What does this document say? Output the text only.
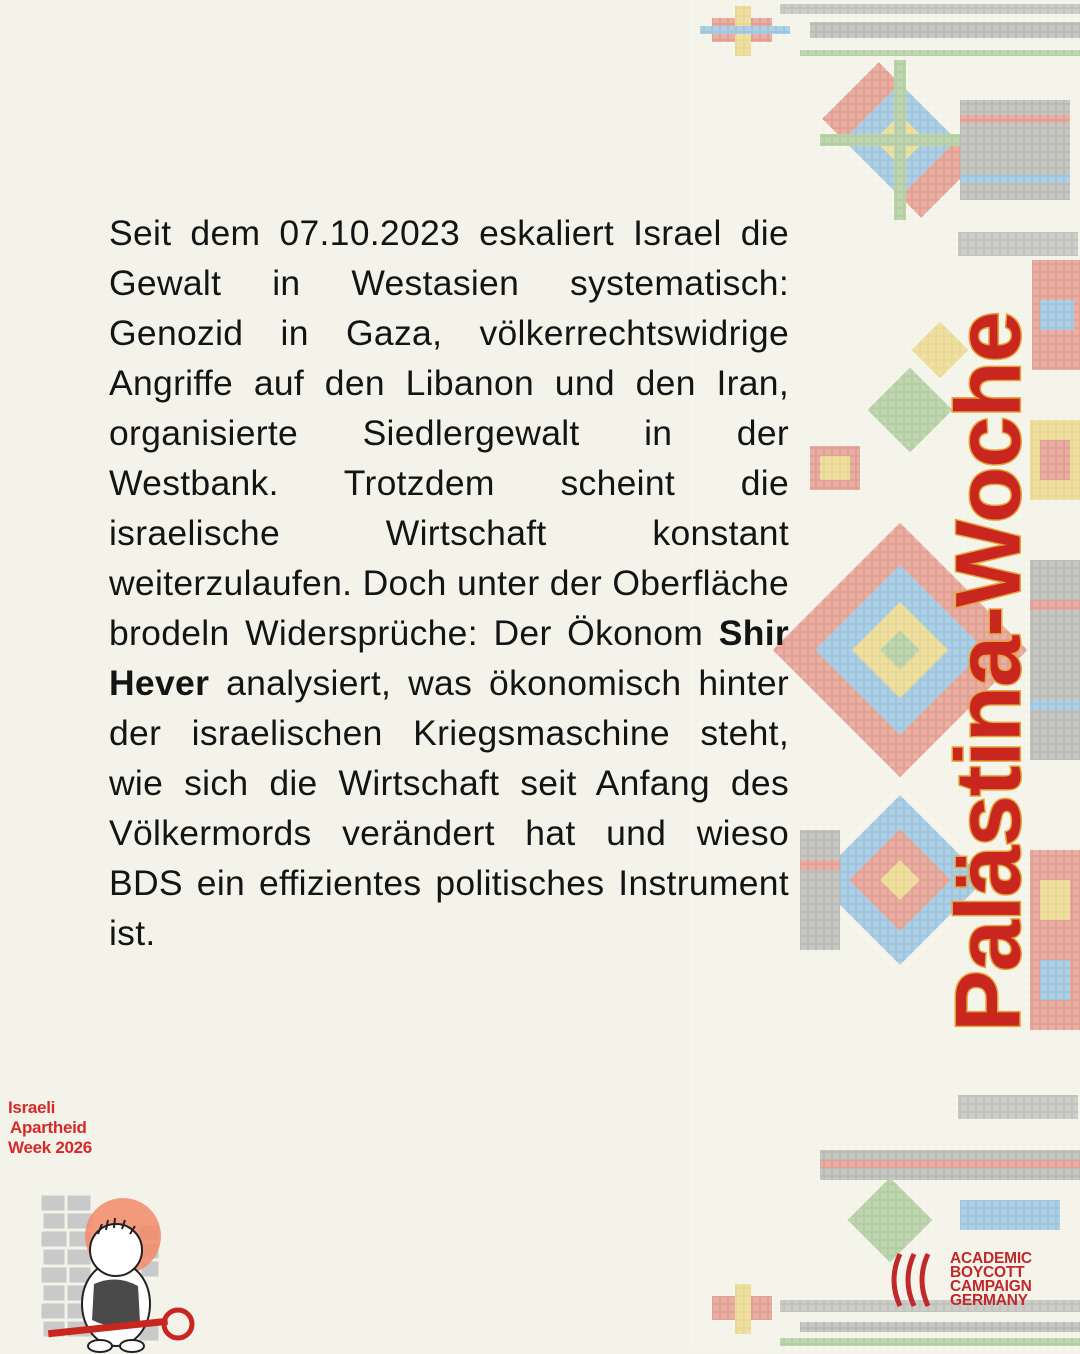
Seit dem 07.10.2023 eskaliert Israel die Gewalt in Westasien systematisch: Genozid in Gaza, völkerrechtswidrige Angriffe auf den Libanon und den Iran, organisierte Siedlergewalt in der Westbank. Trotzdem scheint die israelische Wirtschaft konstant weiterzulaufen. Doch unter der Oberfläche brodeln Widersprüche: Der Ökonom Shir Hever analysiert, was ökonomisch hinter der israelischen Kriegsmaschine steht, wie sich die Wirtschaft seit Anfang des Völkermords verändert hat und wieso BDS ein effizientes politisches Instrument ist.	Palästina-Woche
Israeli
Apartheid
Week 2026
ACADEMIC
BOYCOTT
CAMPAIGN
GERMANY
